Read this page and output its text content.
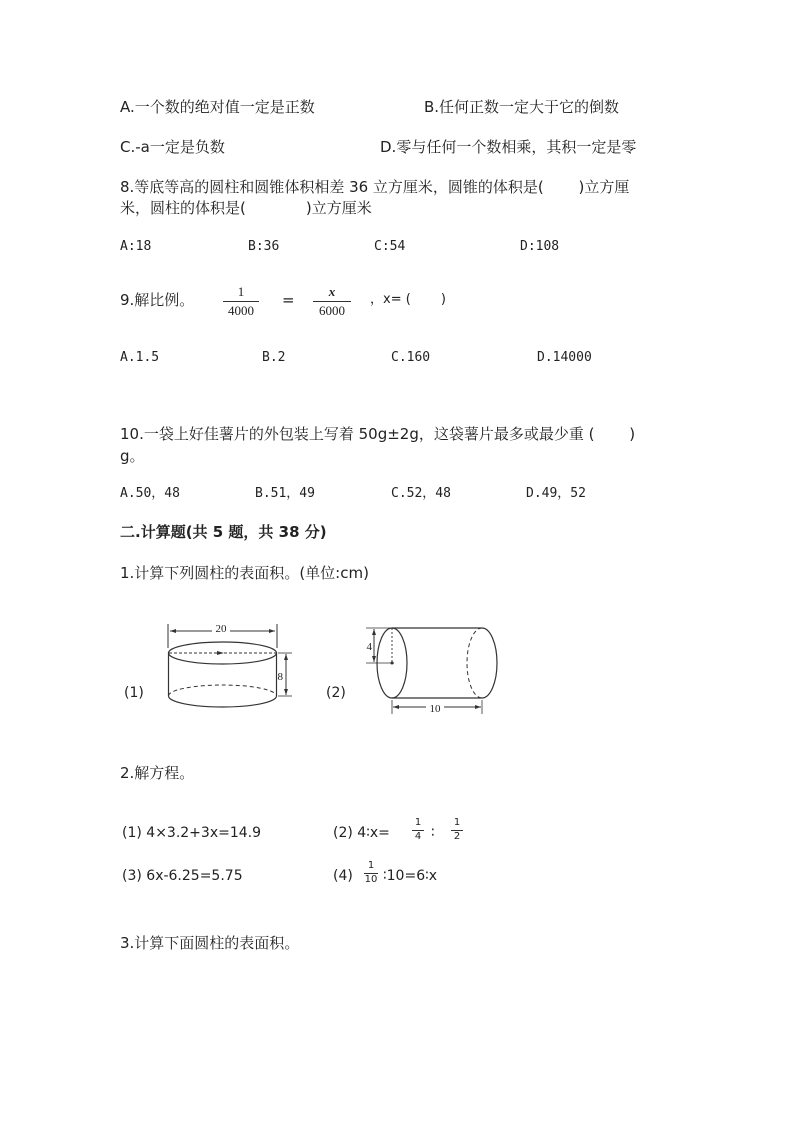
A.一个数的绝对值一定是正数	B.任何正数一定大于它的倒数
C.-a一定是负数	D.零与任何一个数相乘，其积一定是零
8.等底等高的圆柱和圆锥体积相差 36 立方厘米，圆锥的体积是(　　 )立方厘
米，圆柱的体积是(　　　　)立方厘米
A:18	B:36	C:54	D:108
9.解比例。	1
4000
=	x
6000
，x= (　　 )
A.1.5	B.2	C.160	D.14000
10.一袋上好佳薯片的外包装上写着 50g±2g，这袋薯片最多或最少重 (　　 )
g。
A.50，48	B.51，49	C.52，48	D.49，52
二.计算题(共 5 题，共 38 分)
1.计算下列圆柱的表面积。(单位:cm)
(1)
20
8
(2)
4
10
2.解方程。
(1) 4×3.2+3x=14.9	(2) 4∶x=
1
4 ∶
1
2
(3) 6x-6.25=5.75	(4)
1
10 ∶10=6∶x
3.计算下面圆柱的表面积。
